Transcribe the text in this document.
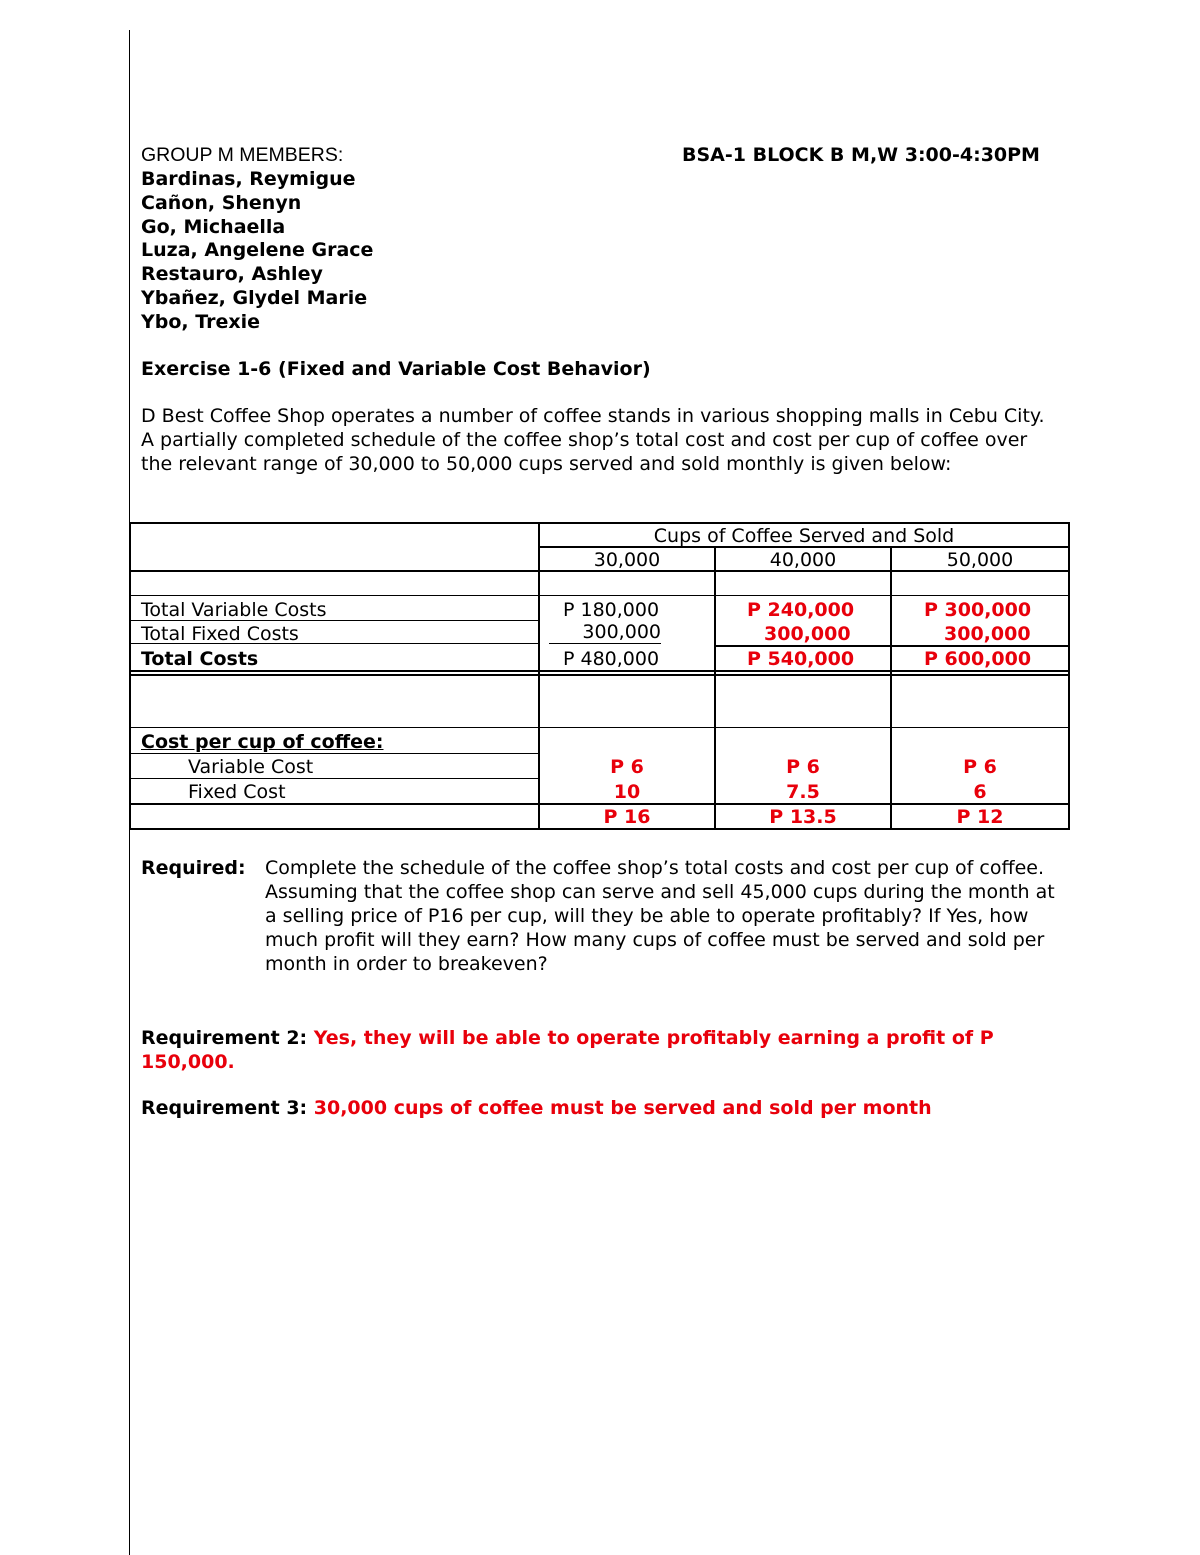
GROUP M MEMBERS:	BSA-1 BLOCK B M,W 3:00-4:30PM
Bardinas, Reymigue
Cañon, Shenyn
Go, Michaella
Luza, Angelene Grace
Restauro, Ashley
Ybañez, Glydel Marie
Ybo, Trexie
Exercise 1-6 (Fixed and Variable Cost Behavior)
D Best Coffee Shop operates a number of coffee stands in various shopping malls in Cebu City. A partially completed schedule of the coffee shop’s total cost and cost per cup of coffee over the relevant range of 30,000 to 50,000 cups served and sold monthly is given below:
Cups of Coffee Served and Sold
30,000	40,000	50,000
Total Variable Costs	P 180,000	P 240,000	P 300,000
Total Fixed Costs	300,000	300,000	300,000
Total Costs	P 480,000	P 540,000	P 600,000
Cost per cup of coffee:
Variable Cost	P 6	P 6	P 6
Fixed Cost	10	7.5	6
P 16	P 13.5	P 12
Required: Complete the schedule of the coffee shop’s total costs and cost per cup of coffee. Assuming that the coffee shop can serve and sell 45,000 cups during the month at a selling price of P16 per cup, will they be able to operate profitably? If Yes, how much profit will they earn? How many cups of coffee must be served and sold per month in order to breakeven?
Requirement 2: Yes, they will be able to operate profitably earning a profit of P 150,000.
Requirement 3: 30,000 cups of coffee must be served and sold per month
